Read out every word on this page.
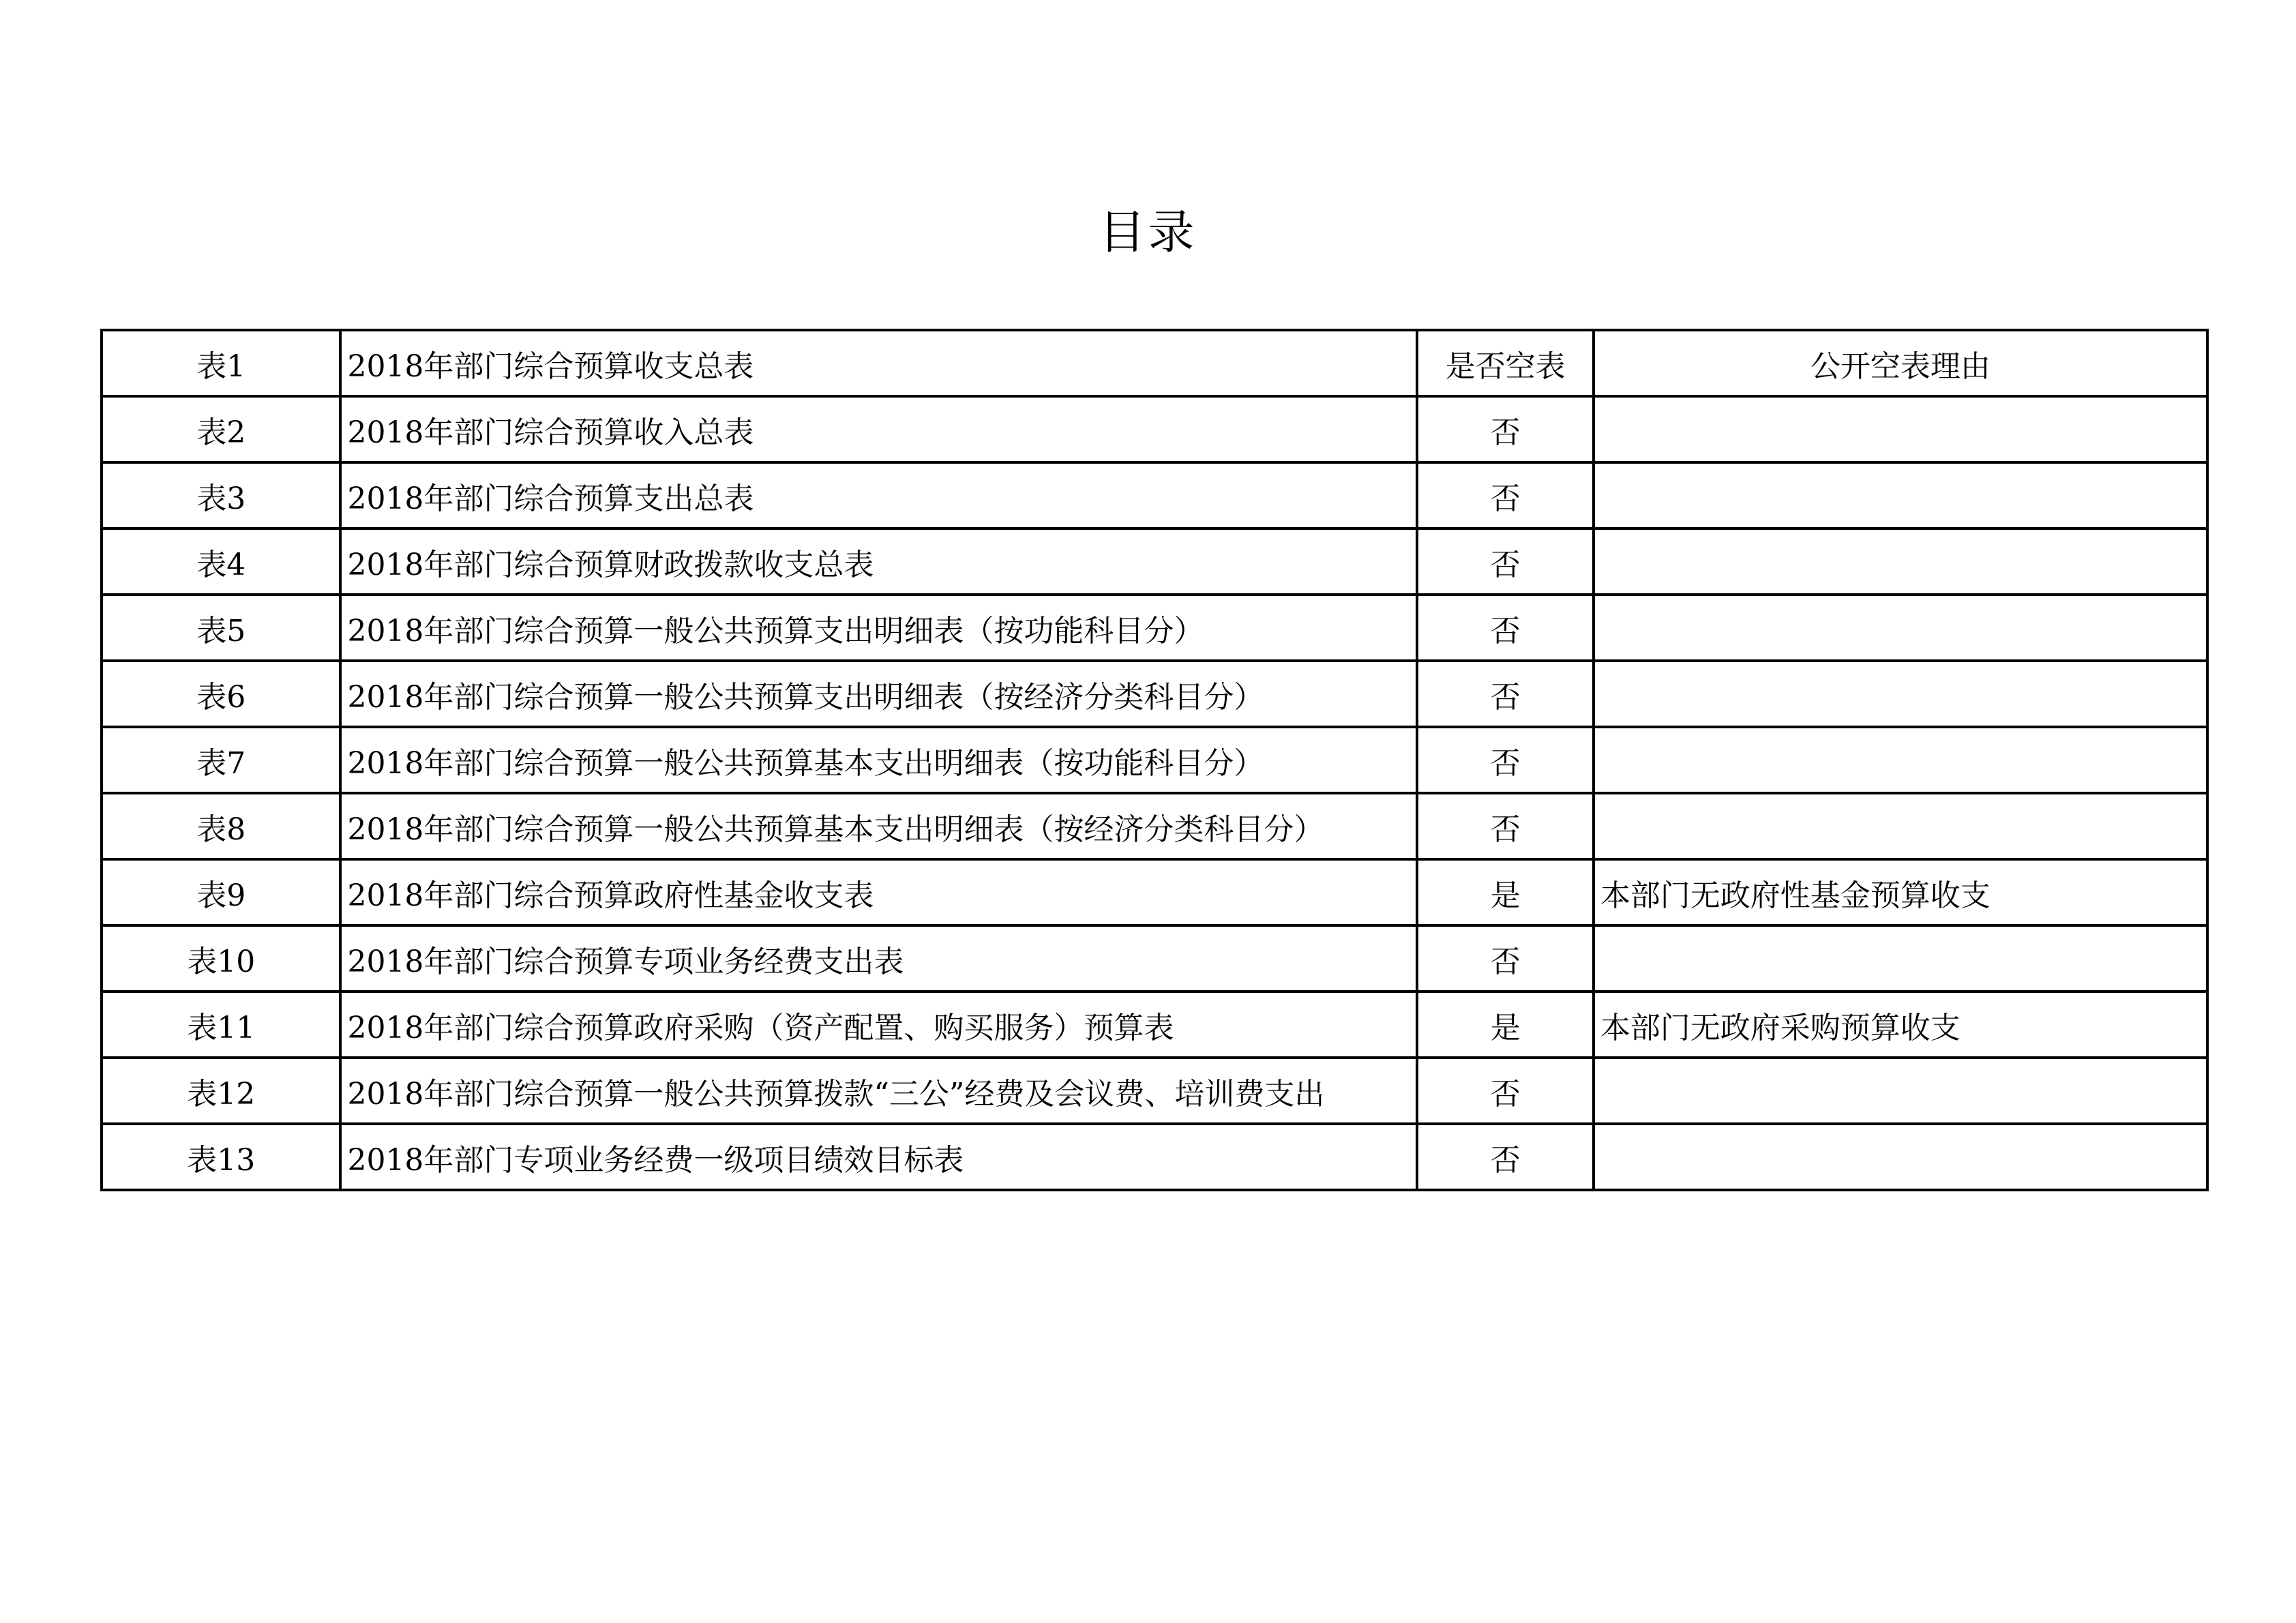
目录
表1	2018年部门综合预算收支总表	是否空表	公开空表理由
表2	2018年部门综合预算收入总表	否	
表3	2018年部门综合预算支出总表	否	
表4	2018年部门综合预算财政拨款收支总表	否	
表5	2018年部门综合预算一般公共预算支出明细表（按功能科目分）	否	
表6	2018年部门综合预算一般公共预算支出明细表（按经济分类科目分）	否	
表7	2018年部门综合预算一般公共预算基本支出明细表（按功能科目分）	否	
表8	2018年部门综合预算一般公共预算基本支出明细表（按经济分类科目分）	否	
表9	2018年部门综合预算政府性基金收支表	是	本部门无政府性基金预算收支
表10	2018年部门综合预算专项业务经费支出表	否	
表11	2018年部门综合预算政府采购（资产配置、购买服务）预算表	是	本部门无政府采购预算收支
表12	2018年部门综合预算一般公共预算拨款“三公”经费及会议费、培训费支出	否	
表13	2018年部门专项业务经费一级项目绩效目标表	否	
